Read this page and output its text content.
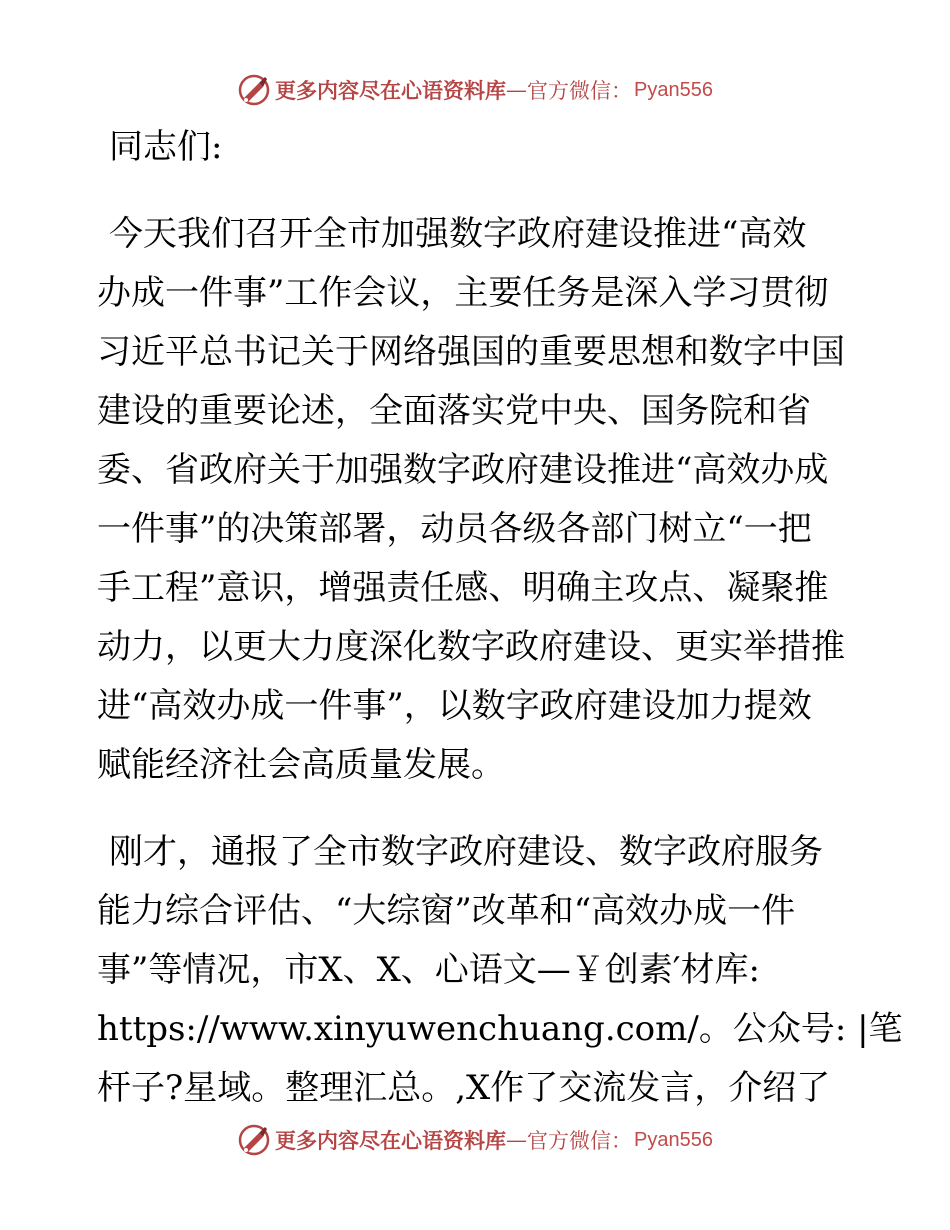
更多内容尽在心语资料库 — 官方微信： Pyan556

同志们:

今天我们召开全市加强数字政府建设推进“高效
办成一件事”工作会议，主要任务是深入学习贯彻
习近平总书记关于网络强国的重要思想和数字中国
建设的重要论述，全面落实党中央、国务院和省
委、省政府关于加强数字政府建设推进“高效办成
一件事”的决策部署，动员各级各部门树立“一把
手工程”意识，增强责任感、明确主攻点、凝聚推
动力，以更大力度深化数字政府建设、更实举措推
进“高效办成一件事”，以数字政府建设加力提效
赋能经济社会高质量发展。
刚才，通报了全市数字政府建设、数字政府服务
能力综合评估、“大综窗”改革和“高效办成一件
事”等情况，市X、X、心语文—￥创素′材库:
https://www.xinyuwenchuang.com/。公众号: |笔
杆子?星域。整理汇总。,X作了交流发言，介绍了
更多内容尽在心语资料库 — 官方微信： Pyan556
